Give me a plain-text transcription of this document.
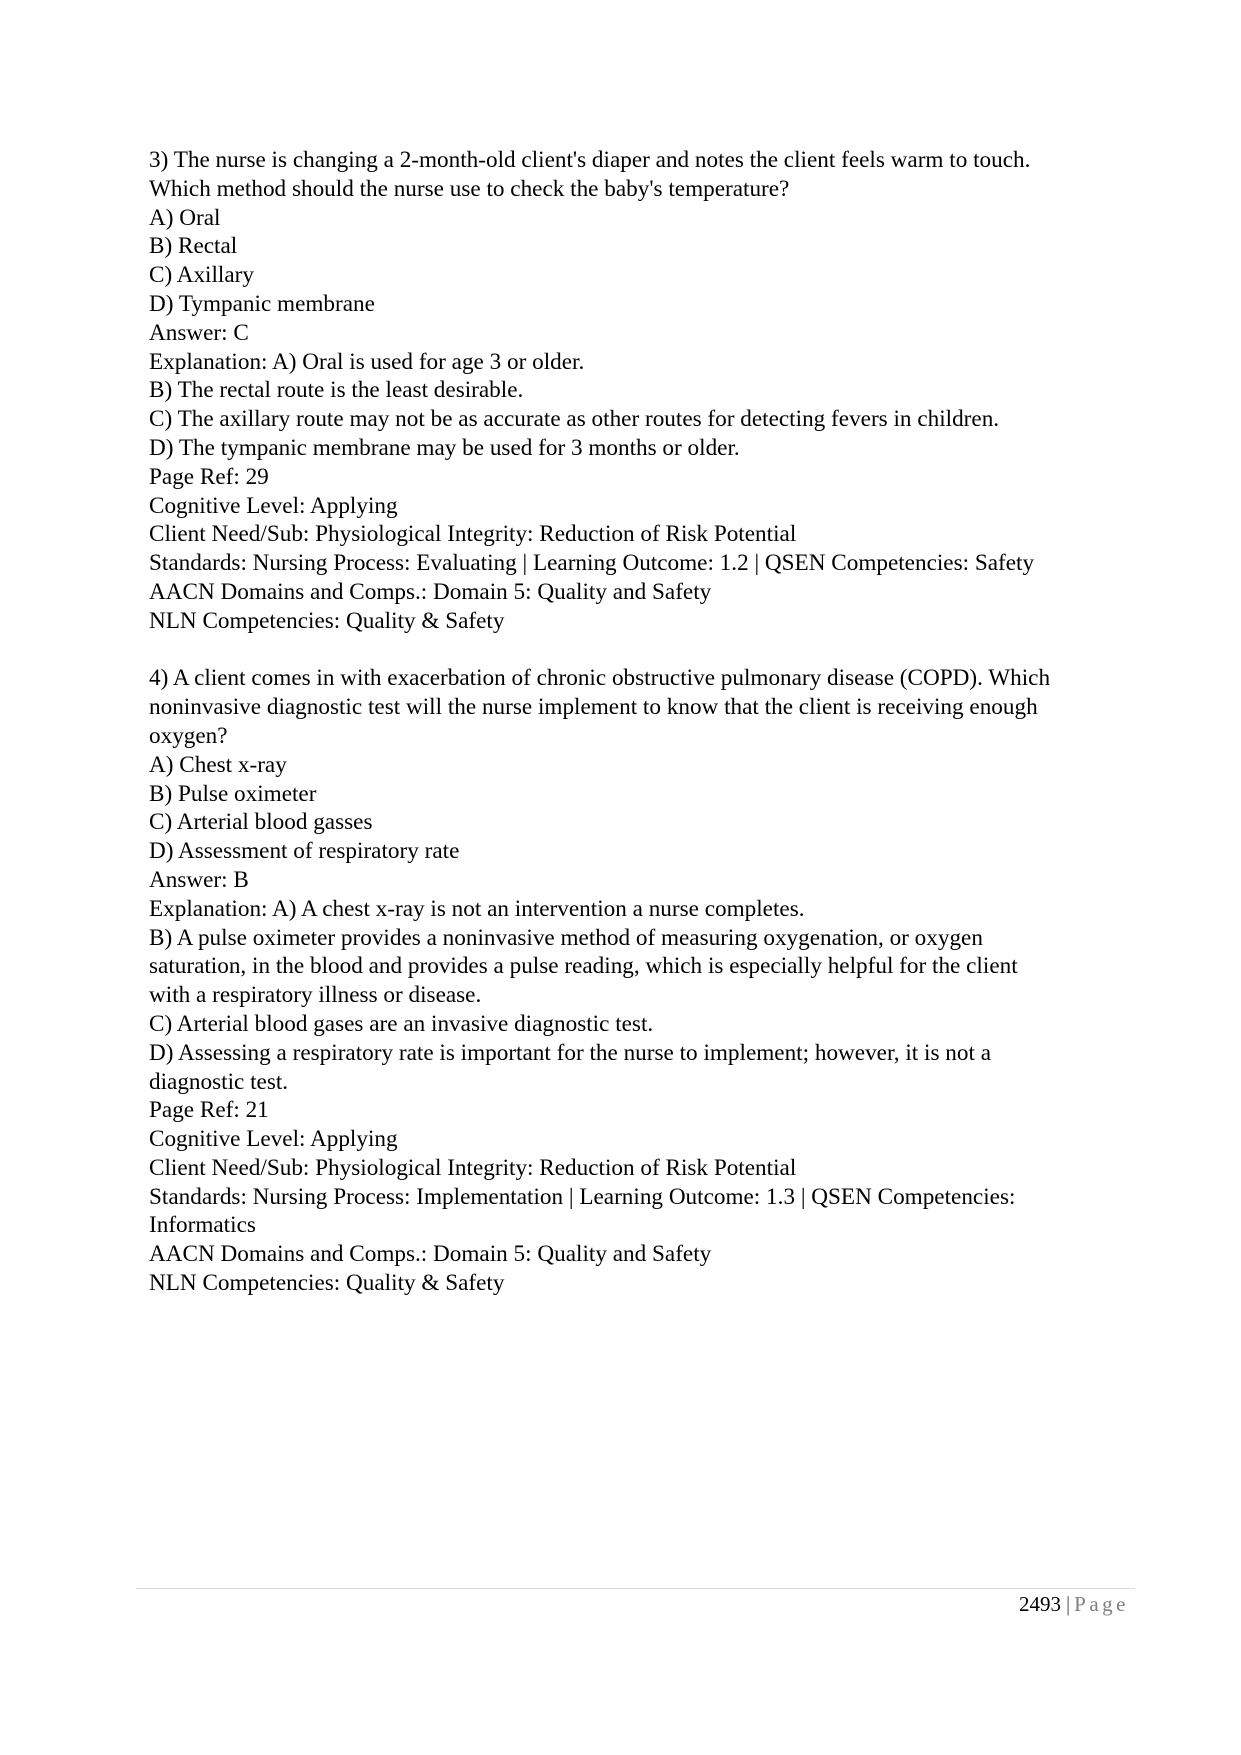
3) The nurse is changing a 2-month-old client's diaper and notes the client feels warm to touch.
Which method should the nurse use to check the baby's temperature?
A) Oral
B) Rectal
C) Axillary
D) Tympanic membrane
Answer: C
Explanation: A) Oral is used for age 3 or older.
B) The rectal route is the least desirable.
C) The axillary route may not be as accurate as other routes for detecting fevers in children.
D) The tympanic membrane may be used for 3 months or older.
Page Ref: 29
Cognitive Level: Applying
Client Need/Sub: Physiological Integrity: Reduction of Risk Potential
Standards: Nursing Process: Evaluating | Learning Outcome: 1.2 | QSEN Competencies: Safety
AACN Domains and Comps.: Domain 5: Quality and Safety
NLN Competencies: Quality & Safety
4) A client comes in with exacerbation of chronic obstructive pulmonary disease (COPD). Which
noninvasive diagnostic test will the nurse implement to know that the client is receiving enough
oxygen?
A) Chest x-ray
B) Pulse oximeter
C) Arterial blood gasses
D) Assessment of respiratory rate
Answer: B
Explanation: A) A chest x-ray is not an intervention a nurse completes.
B) A pulse oximeter provides a noninvasive method of measuring oxygenation, or oxygen
saturation, in the blood and provides a pulse reading, which is especially helpful for the client
with a respiratory illness or disease.
C) Arterial blood gases are an invasive diagnostic test.
D) Assessing a respiratory rate is important for the nurse to implement; however, it is not a
diagnostic test.
Page Ref: 21
Cognitive Level: Applying
Client Need/Sub: Physiological Integrity: Reduction of Risk Potential
Standards: Nursing Process: Implementation | Learning Outcome: 1.3 | QSEN Competencies:
Informatics
AACN Domains and Comps.: Domain 5: Quality and Safety
NLN Competencies: Quality & Safety
2493 | Page
